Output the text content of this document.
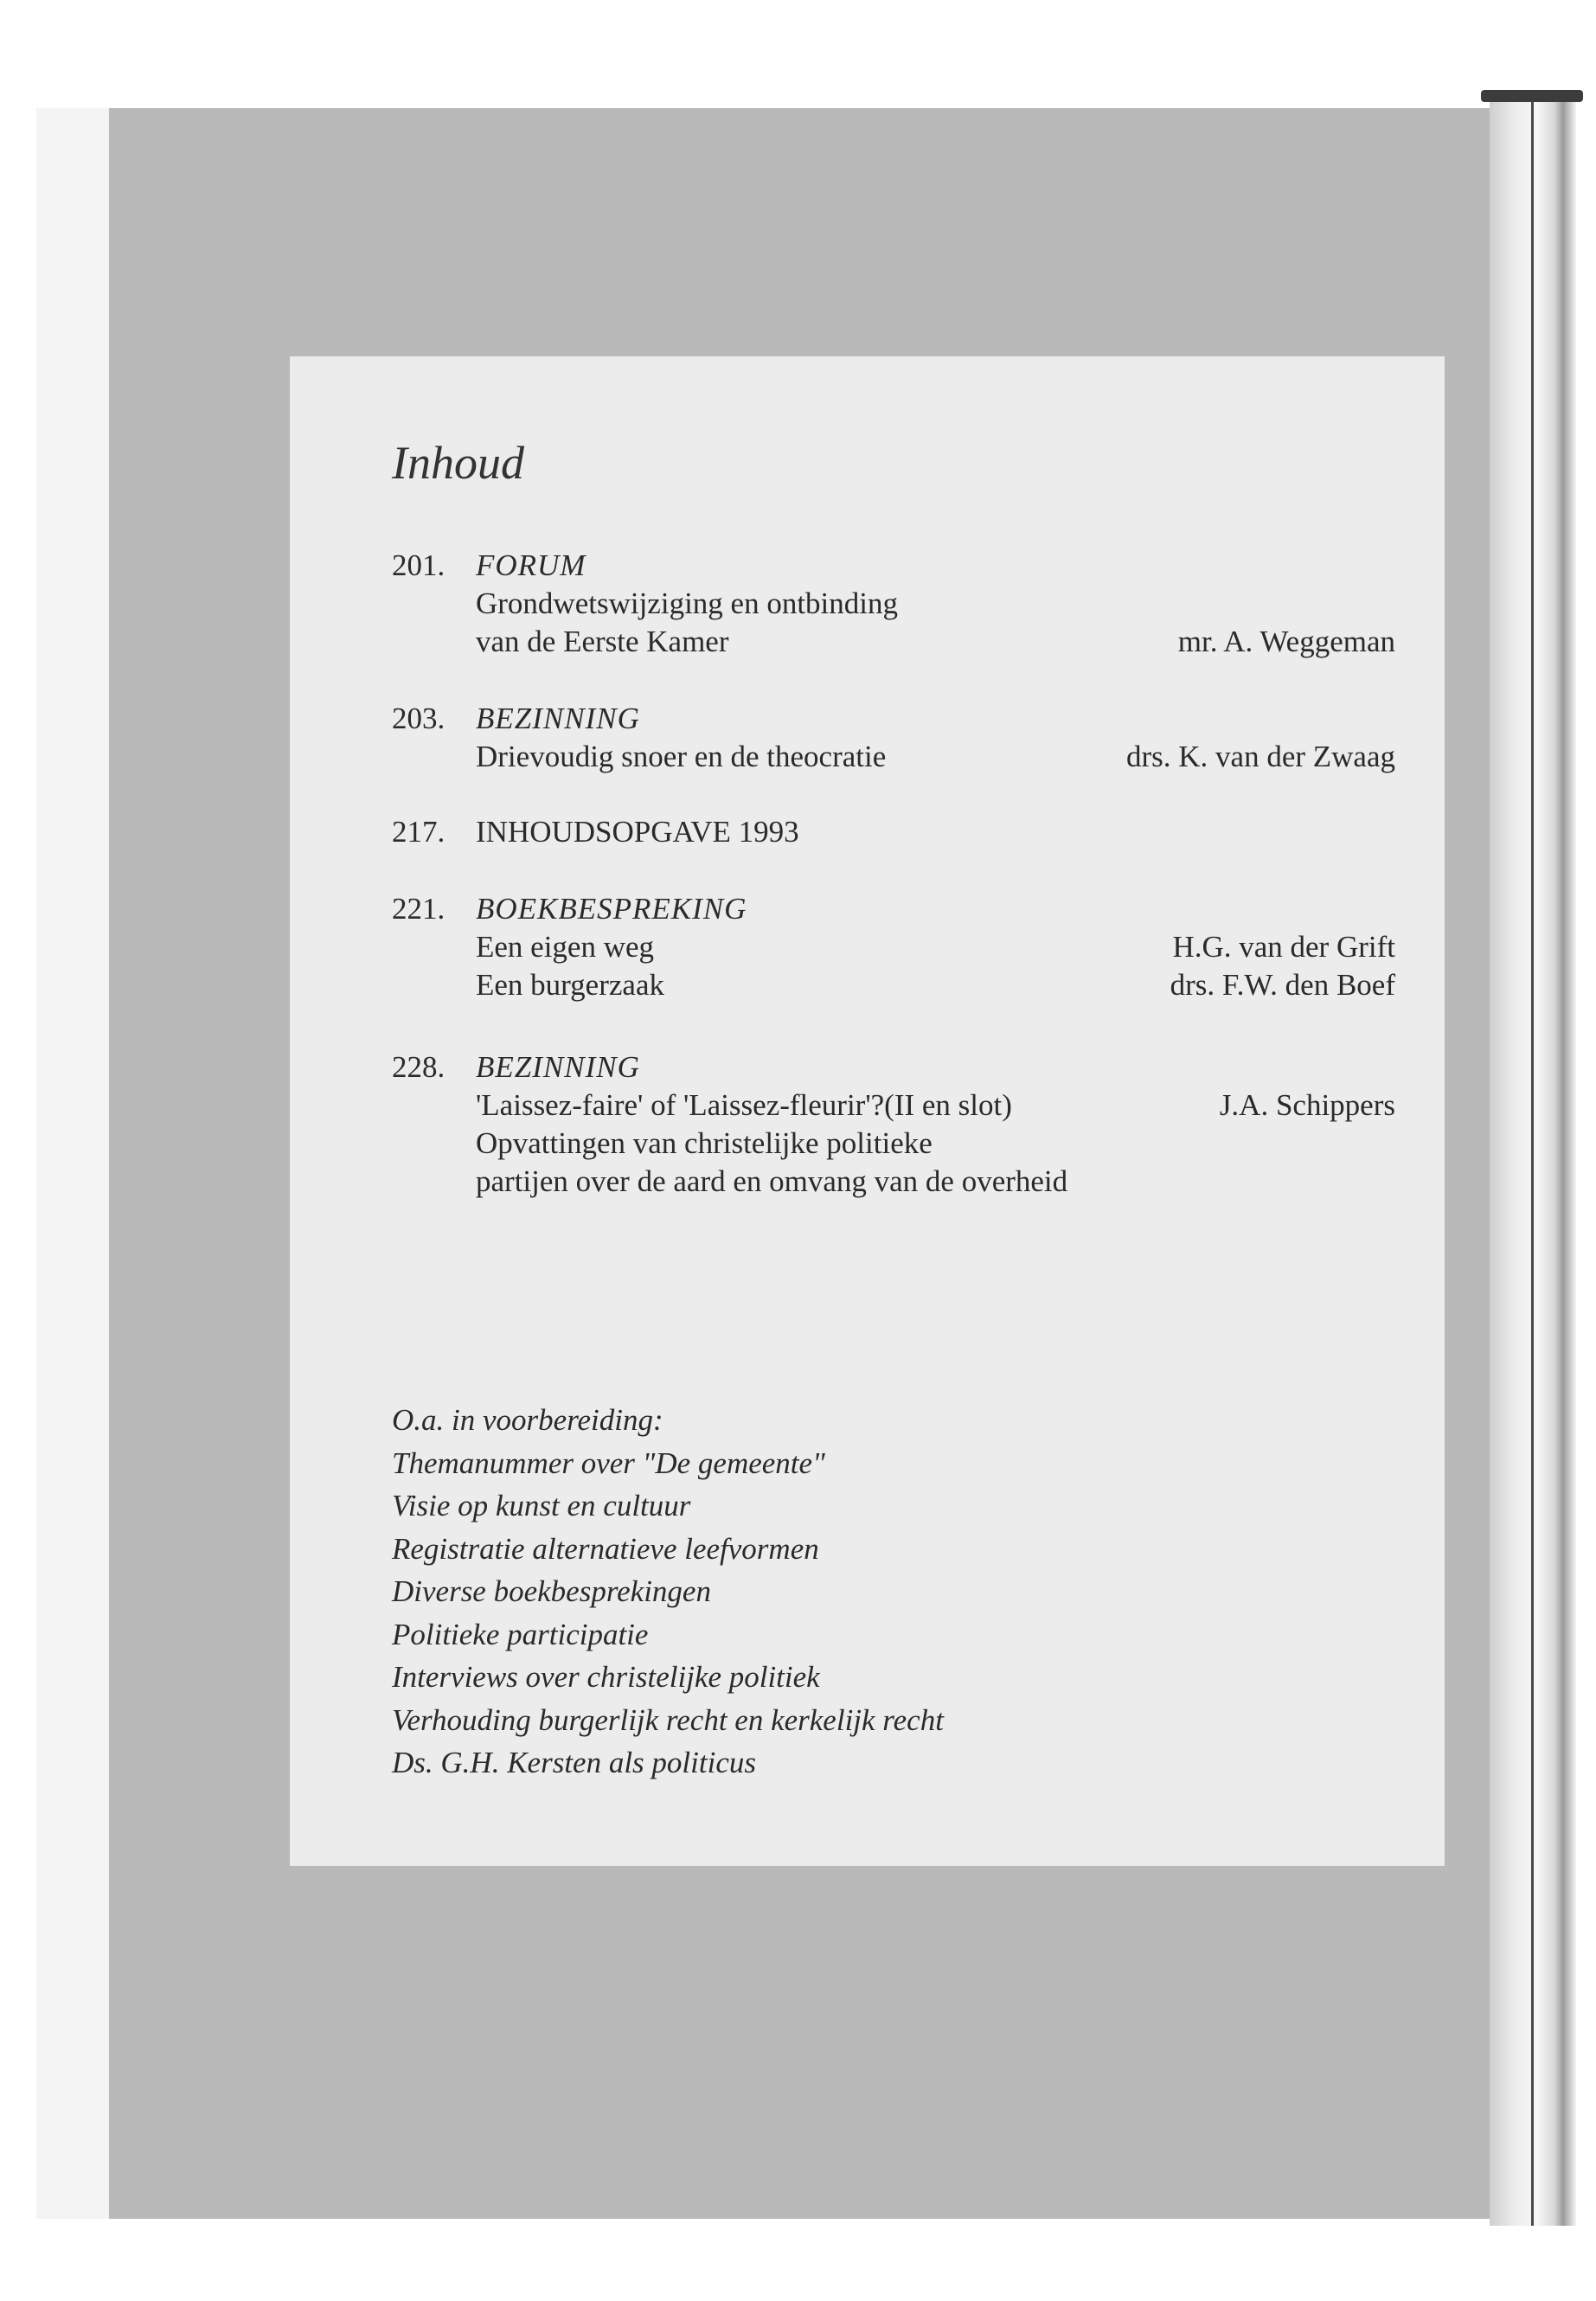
Inhoud
201. FORUM
Grondwetswijziging en ontbinding
van de Eerste Kamer	mr. A. Weggeman
203. BEZINNING
Drievoudig snoer en de theocratie	drs. K. van der Zwaag
217. INHOUDSOPGAVE 1993
221. BOEKBESPREKING
Een eigen weg	H.G. van der Grift
Een burgerzaak	drs. F.W. den Boef
228. BEZINNING
'Laissez-faire' of 'Laissez-fleurir'?(II en slot)	J.A. Schippers
Opvattingen van christelijke politieke
partijen over de aard en omvang van de overheid
O.a. in voorbereiding:
Themanummer over "De gemeente"
Visie op kunst en cultuur
Registratie alternatieve leefvormen
Diverse boekbesprekingen
Politieke participatie
Interviews over christelijke politiek
Verhouding burgerlijk recht en kerkelijk recht
Ds. G.H. Kersten als politicus
